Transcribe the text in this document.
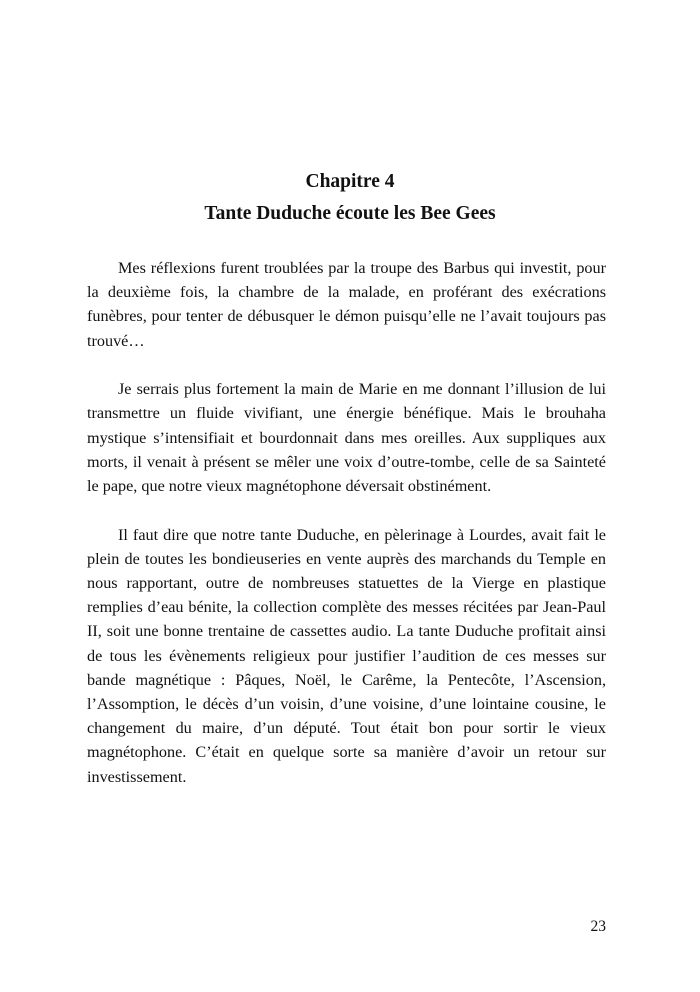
Chapitre 4
Tante Duduche écoute les Bee Gees

Mes réflexions furent troublées par la troupe des Barbus qui investit, pour la deuxième fois, la chambre de la malade, en proférant des exécrations funèbres, pour tenter de débusquer le démon puisqu’elle ne l’avait toujours pas trouvé…

Je serrais plus fortement la main de Marie en me donnant l’illusion de lui transmettre un fluide vivifiant, une énergie bénéfique. Mais le brouhaha mystique s’intensifiait et bourdonnait dans mes oreilles. Aux suppliques aux morts, il venait à présent se mêler une voix d’outre-tombe, celle de sa Sainteté le pape, que notre vieux magnétophone déversait obstinément.

Il faut dire que notre tante Duduche, en pèlerinage à Lourdes, avait fait le plein de toutes les bondieuseries en vente auprès des marchands du Temple en nous rapportant, outre de nombreuses statuettes de la Vierge en plastique remplies d’eau bénite, la collection complète des messes récitées par Jean-Paul II, soit une bonne trentaine de cassettes audio. La tante Duduche profitait ainsi de tous les évènements religieux pour justifier l’audition de ces messes sur bande magnétique : Pâques, Noël, le Carême, la Pentecôte, l’Ascension, l’Assomption, le décès d’un voisin, d’une voisine, d’une lointaine cousine, le changement du maire, d’un député. Tout était bon pour sortir le vieux magnétophone. C’était en quelque sorte sa manière d’avoir un retour sur investissement.

23
